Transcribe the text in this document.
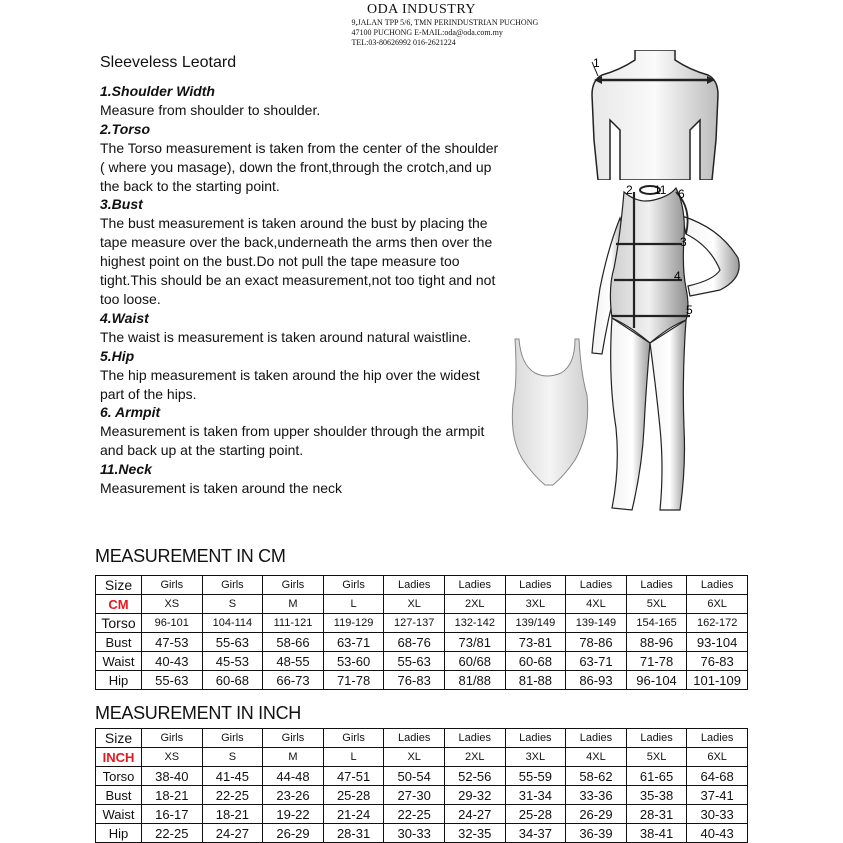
ODA INDUSTRY
9,JALAN TPP 5/6, TMN PERINDUSTRIAN PUCHONG
47100 PUCHONG E-MAIL:oda@oda.com.my
TEL:03-80626992 016-2621224
Sleeveless Leotard
1.Shoulder Width
Measure from shoulder to shoulder.
2.Torso
The Torso measurement is taken from the center of the shoulder ( where you masage), down the front,through the crotch,and up the back to the starting point.
3.Bust
The bust measurement is taken around the bust by placing the tape measure over the back,underneath the arms then over the highest point on the bust.Do not pull the tape measure too tight.This should be an exact measurement,not too tight and not too loose.
4.Waist
The waist is measurement is taken around natural waistline.
5.Hip
The hip measurement is taken around the hip over the widest part of the hips.
6. Armpit
Measurement is taken from upper shoulder through the armpit and back up at the starting point.
11.Neck
Measurement is taken around the neck
1
2 11 6
3
4
5
MEASUREMENT IN CM
Size	Girls	Girls	Girls	Girls	Ladies	Ladies	Ladies	Ladies	Ladies	Ladies
CM	XS	S	M	L	XL	2XL	3XL	4XL	5XL	6XL
Torso	96-101	104-114	111-121	119-129	127-137	132-142	139/149	139-149	154-165	162-172
Bust	47-53	55-63	58-66	63-71	68-76	73/81	73-81	78-86	88-96	93-104
Waist	40-43	45-53	48-55	53-60	55-63	60/68	60-68	63-71	71-78	76-83
Hip	55-63	60-68	66-73	71-78	76-83	81/88	81-88	86-93	96-104	101-109
MEASUREMENT IN INCH
Size	Girls	Girls	Girls	Girls	Ladies	Ladies	Ladies	Ladies	Ladies	Ladies
INCH	XS	S	M	L	XL	2XL	3XL	4XL	5XL	6XL
Torso	38-40	41-45	44-48	47-51	50-54	52-56	55-59	58-62	61-65	64-68
Bust	18-21	22-25	23-26	25-28	27-30	29-32	31-34	33-36	35-38	37-41
Waist	16-17	18-21	19-22	21-24	22-25	24-27	25-28	26-29	28-31	30-33
Hip	22-25	24-27	26-29	28-31	30-33	32-35	34-37	36-39	38-41	40-43
